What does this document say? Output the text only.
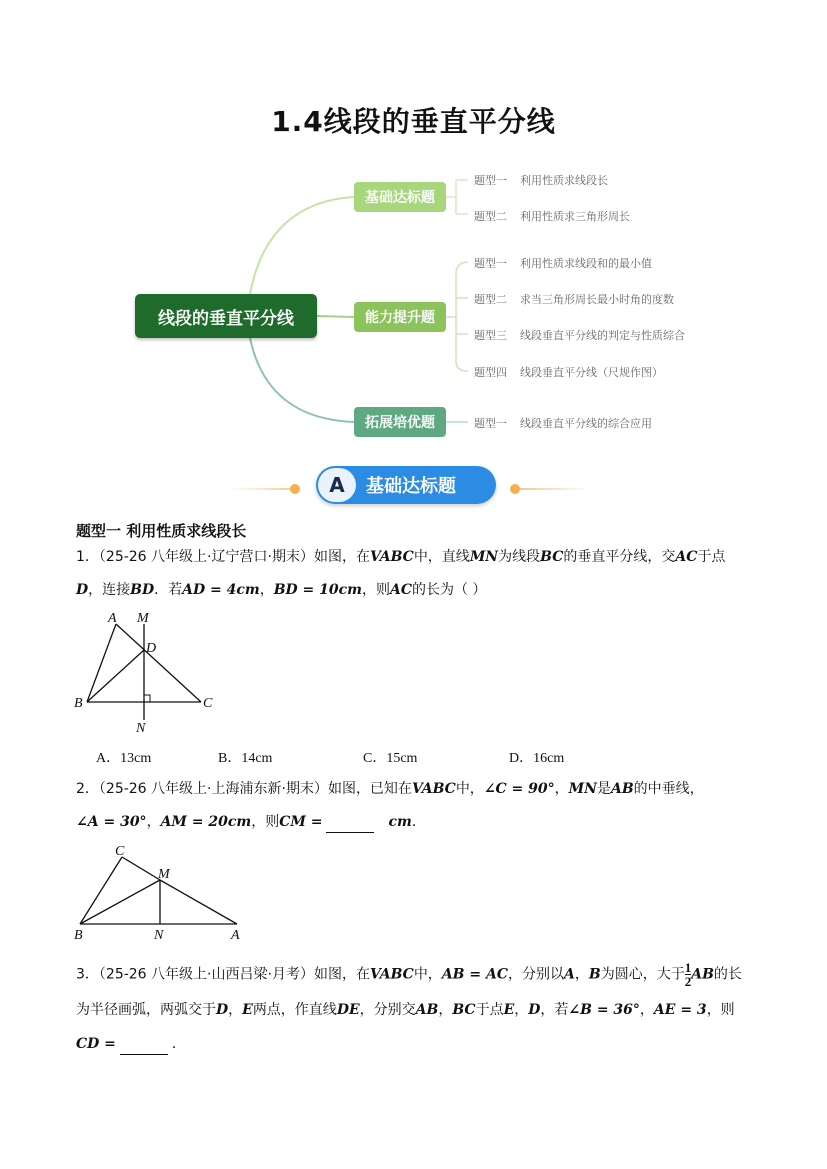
1.4线段的垂直平分线
线段的垂直平分线
基础达标题
能力提升题
拓展培优题
题型一 利用性质求线段长
题型二 利用性质求三角形周长
题型一 利用性质求线段和的最小值
题型二 求当三角形周长最小时角的度数
题型三 线段垂直平分线的判定与性质综合
题型四 线段垂直平分线（尺规作图）
题型一 线段垂直平分线的综合应用
A	基础达标题
题型一 利用性质求线段长
1．（25-26 八年级上·辽宁营口·期末）如图，在VABC中，直线MN为线段BC的垂直平分线，交AC于点
D，连接BD．若AD = 4cm，BD = 10cm，则AC的长为（ ）
A M
D
B	C
N
A．13cm	B．14cm	C．15cm	D．16cm
2．（25-26 八年级上·上海浦东新·期末）如图，已知在VABC中，∠C = 90°，MN是AB的中垂线，
∠A = 30°，AM = 20cm，则CM =	cm．
C
M
B	N	A
3．（25-26 八年级上·山西吕梁·月考）如图，在VABC中，AB = AC，分别以A，B为圆心，大于 $\frac{1}{2}$ AB的长
为半径画弧，两弧交于D，E两点，作直线DE，分别交AB，BC于点E，D，若∠B = 36°，AE = 3，则
CD =	．
